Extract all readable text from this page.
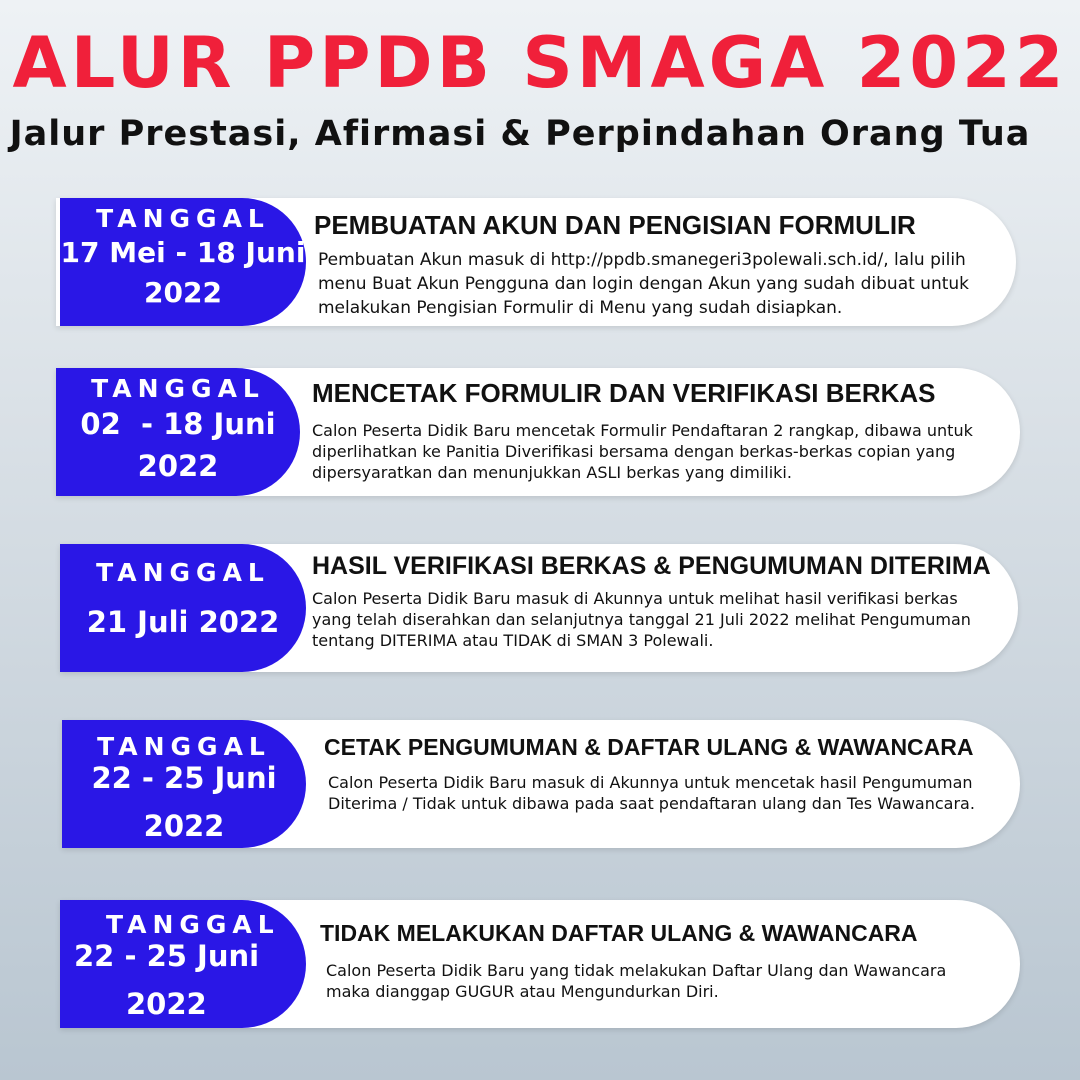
ALUR PPDB SMAGA 2022
Jalur Prestasi, Afirmasi & Perpindahan Orang Tua
PEMBUATAN AKUN DAN PENGISIAN FORMULIR

Pembuatan Akun masuk di http://ppdb.smanegeri3polewali.sch.id/, lalu pilih menu Buat Akun Pengguna dan login dengan Akun yang sudah dibuat untuk melakukan Pengisian Formulir di Menu yang sudah disiapkan.

TANGGAL
17 Mei - 18 Juni
2022
MENCETAK FORMULIR DAN VERIFIKASI BERKAS

Calon Peserta Didik Baru mencetak Formulir Pendaftaran 2 rangkap, dibawa untuk diperlihatkan ke Panitia Diverifikasi bersama dengan berkas-berkas copian yang dipersyaratkan dan menunjukkan ASLI berkas yang dimiliki.

TANGGAL
02  - 18 Juni
2022
HASIL VERIFIKASI BERKAS & PENGUMUMAN DITERIMA

Calon Peserta Didik Baru masuk di Akunnya untuk melihat hasil verifikasi berkas yang telah diserahkan dan selanjutnya tanggal 21 Juli 2022 melihat Pengumuman tentang DITERIMA atau TIDAK di SMAN 3 Polewali.

TANGGAL
21 Juli 2022
CETAK PENGUMUMAN & DAFTAR ULANG & WAWANCARA

Calon Peserta Didik Baru masuk di Akunnya untuk mencetak hasil Pengumuman Diterima / Tidak untuk dibawa pada saat pendaftaran ulang dan Tes Wawancara.

TANGGAL
22 - 25 Juni
2022
TIDAK MELAKUKAN DAFTAR ULANG & WAWANCARA

Calon Peserta Didik Baru yang tidak melakukan Daftar Ulang dan Wawancara maka dianggap GUGUR atau Mengundurkan Diri.

TANGGAL
22 - 25 Juni
2022
